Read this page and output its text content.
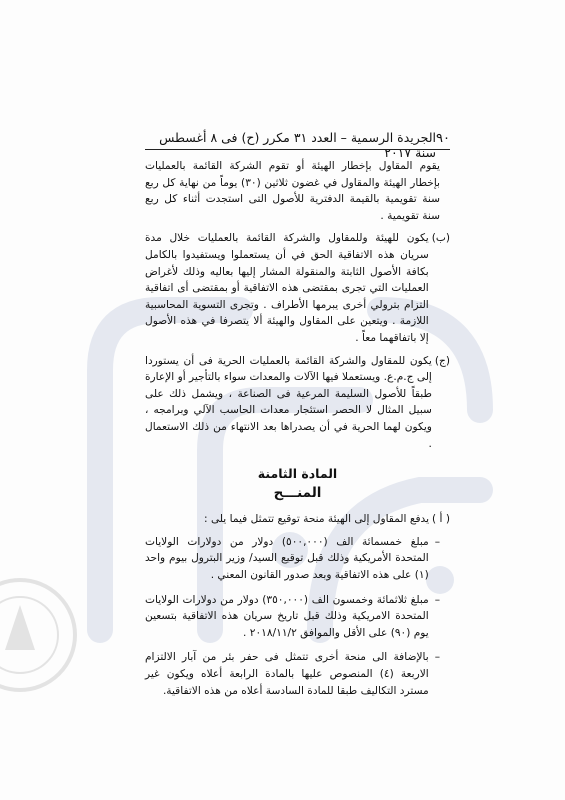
٩٠
الجريدة الرسمية – العدد ٣١ مكرر (ح) فى ٨ أغسطس سنة ٢٠١٧

يقوم المقاول بإخطار الهيئة أو تقوم الشركة القائمة بالعمليات بإخطار الهيئة والمقاول في غضون ثلاثين (٣٠) يوماً من نهاية كل ربع سنة تقويمية بالقيمة الدفترية للأصول التى استجدت أثناء كل ربع سنة تقويمية .

(ب)
يكون للهيئة وللمقاول والشركة القائمة بالعمليات خلال مدة سريان هذه الاتفاقية الحق في أن يستعملوا ويستفيدوا بالكامل بكافة الأصول الثابتة والمنقولة المشار إليها بعاليه وذلك لأغراض العمليات التي تجرى بمقتضى هذه الاتفاقية أو بمقتضى أى اتفاقية التزام بترولي أخرى يبرمها الأطراف . وتجرى التسوية المحاسبية اللازمة . ويتعين على المقاول والهيئة ألا يتصرفا في هذه الأصول إلا باتفاقهما معاً .
(ج)
يكون للمقاول والشركة القائمة بالعمليات الحرية فى أن يستوردا إلى ج.م.ع. ويستعملا فيها الآلات والمعدات سواء بالتأجير أو الإعارة طبقاً للأصول السليمة المرعية فى الصناعة ، ويشمل ذلك على سبيل المثال لا الحصر استئجار معدات الحاسب الآلي وبرامجه ، ويكون لهما الحرية في أن يصدراها بعد الانتهاء من ذلك الاستعمال .
المادة الثامنة
المنـــح
( أ )
يدفع المقاول إلى الهيئة منحة توقيع تتمثل فيما يلى :
–
مبلغ خمسمائة الف (٥٠٠,٠٠٠) دولار من دولارات الولايات المتحدة الأمريكية وذلك قبل توقيع السيد/ وزير البترول بيوم واحد (١) على هذه الاتفاقية وبعد صدور القانون المعني .
–
مبلغ ثلاثمائة وخمسون الف (٣٥٠,٠٠٠) دولار من دولارات الولايات المتحدة الامريكية وذلك قبل تاريخ سريان هذه الاتفاقية بتسعين يوم (٩٠) على الأقل والموافق ٢٠١٨/١١/٢ .
–
بالإضافة الى منحة أخرى تتمثل فى حفر بئر من آبار الالتزام الاربعة (٤) المنصوص عليها بالمادة الرابعة أعلاه ويكون غير مسترد التكاليف طبقا للمادة السادسة أعلاه من هذه الاتفاقية.
